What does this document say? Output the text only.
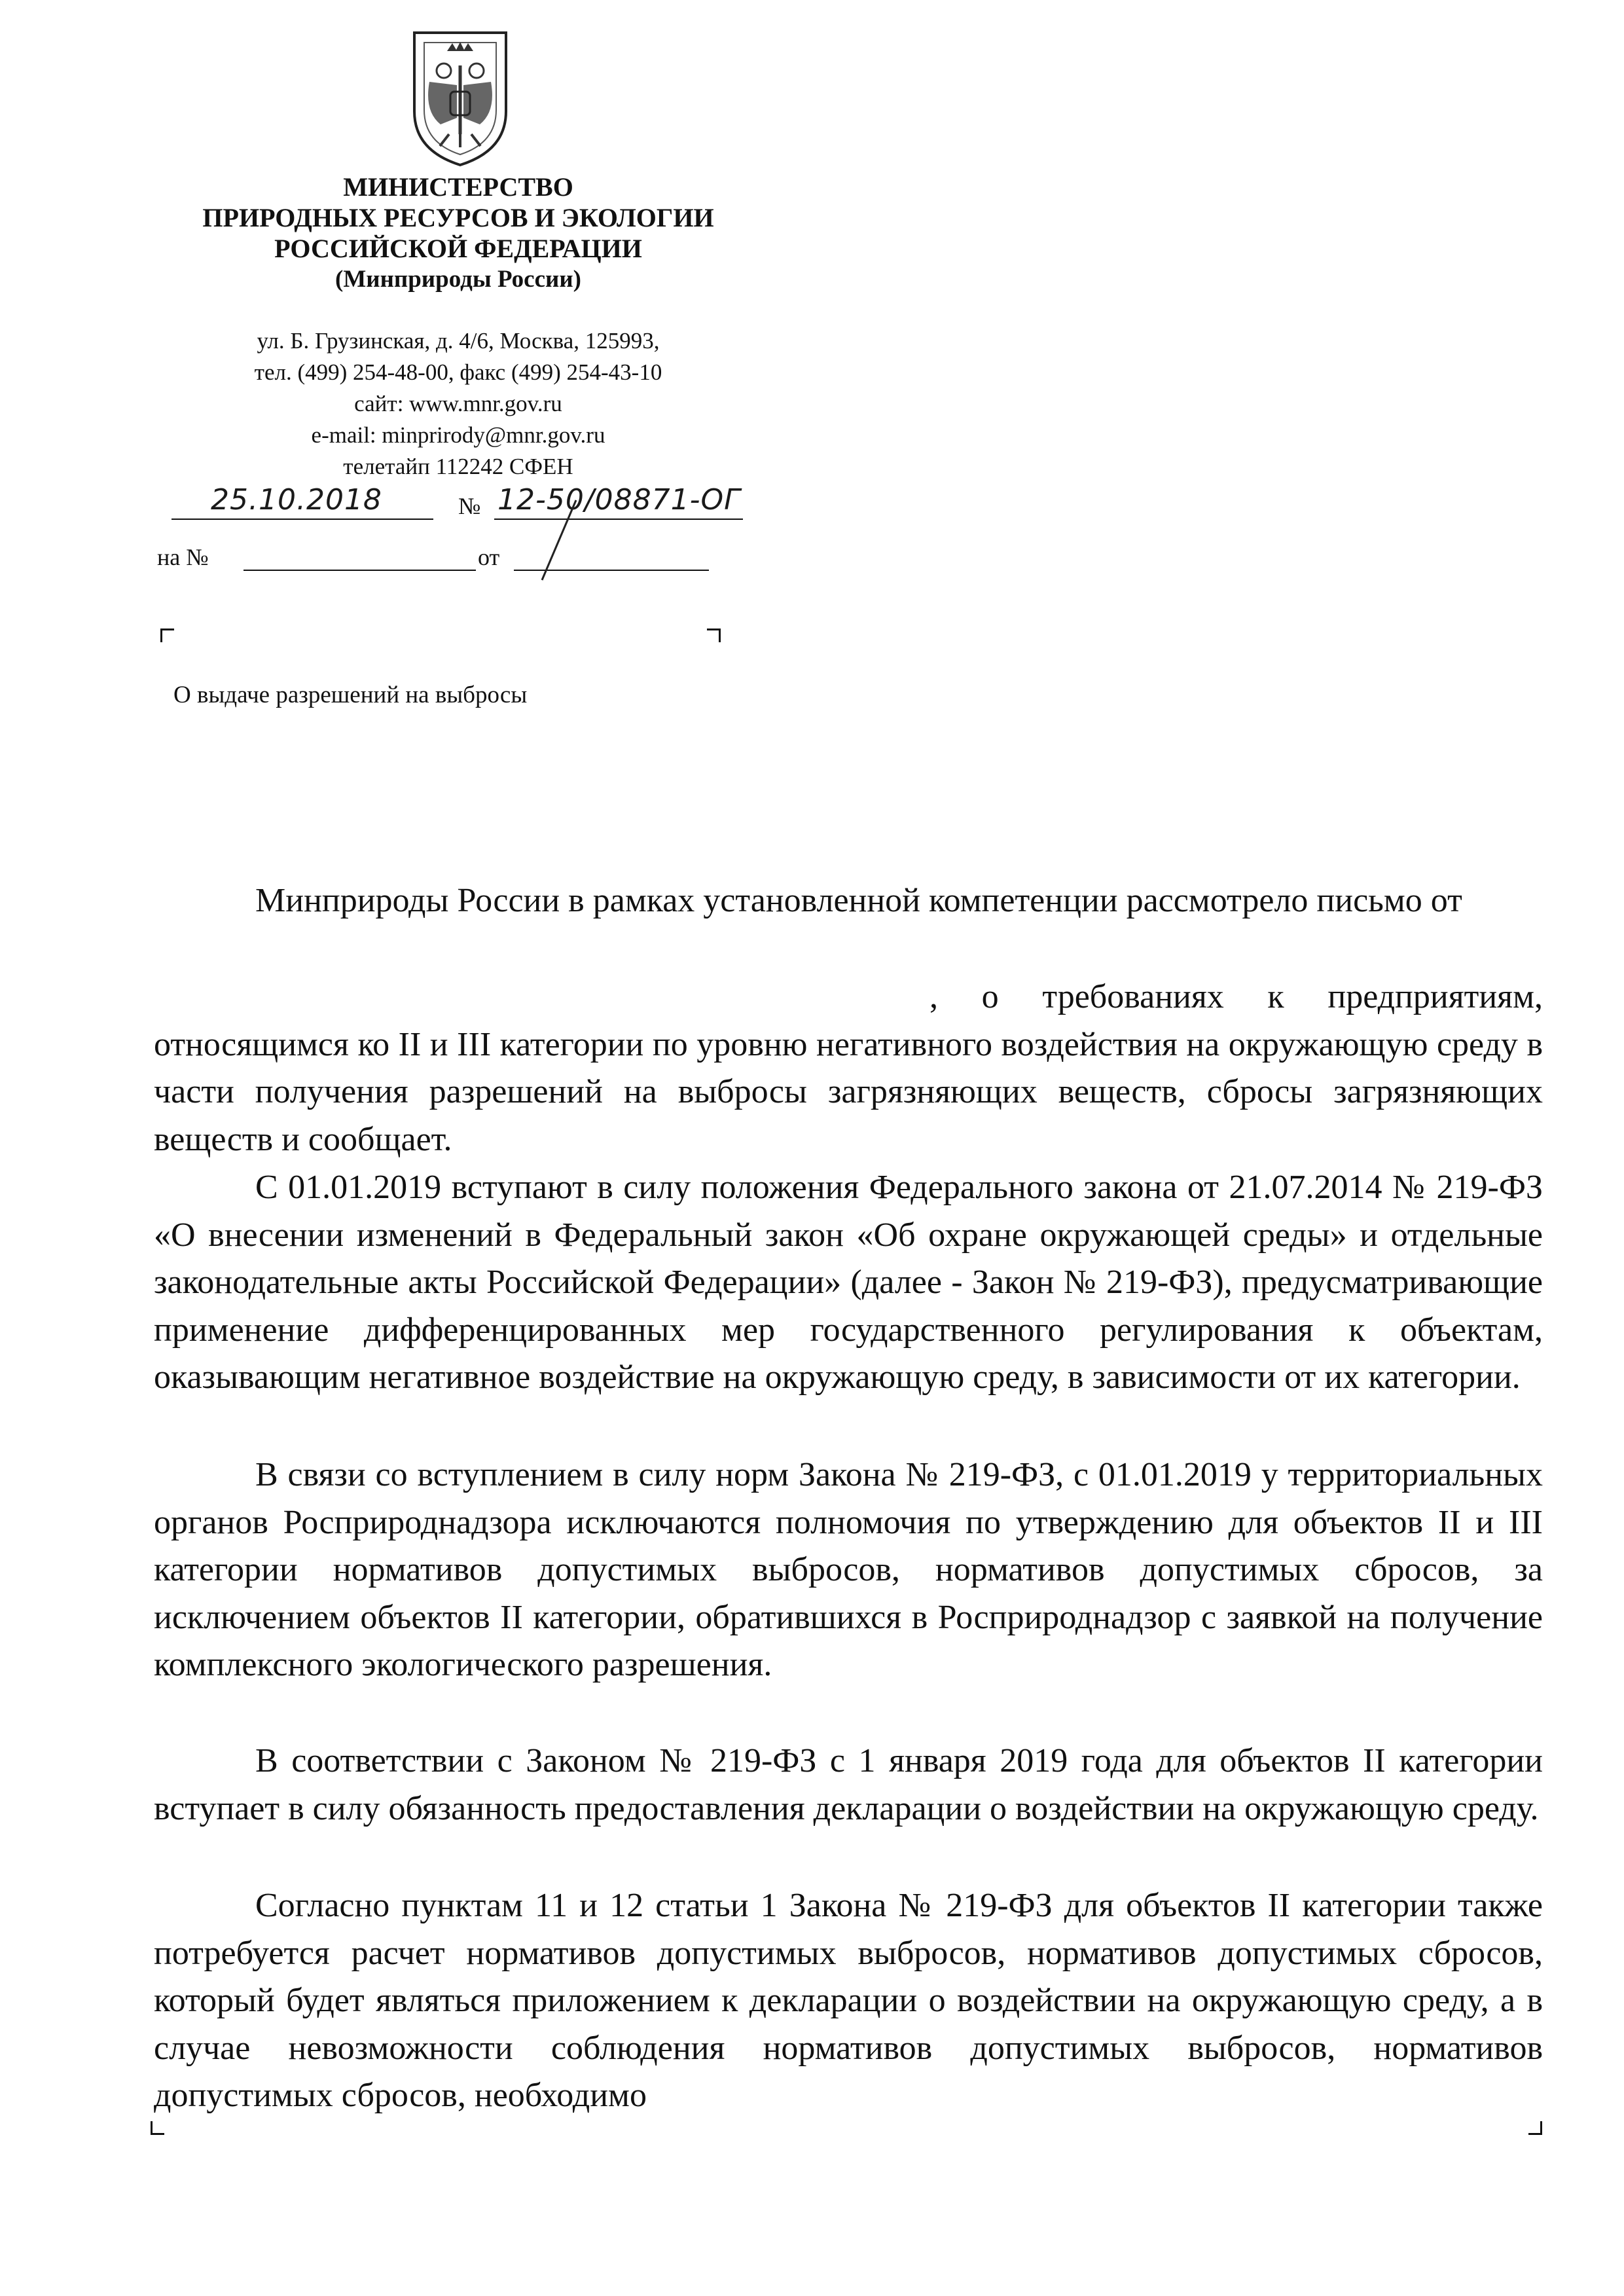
МИНИСТЕРСТВО
ПРИРОДНЫХ РЕСУРСОВ И ЭКОЛОГИИ
РОССИЙСКОЙ ФЕДЕРАЦИИ
(Минприроды России)
ул. Б. Грузинская, д. 4/6, Москва, 125993,
тел. (499) 254-48-00, факс (499) 254-43-10
сайт: www.mnr.gov.ru
e-mail: minprirody@mnr.gov.ru
телетайп 112242 СФЕН
25.10.2018	№ 12-50/08871-ОГ
на №	от
О выдаче разрешений на выбросы
Минприроды России в рамках установленной компетенции рассмотрело письмо от
, о требованиях к предприятиям, относящимся ко II и III категории по уровню негативного воздействия на окружающую среду в части получения разрешений на выбросы загрязняющих веществ, сбросы загрязняющих веществ и сообщает.
С 01.01.2019 вступают в силу положения Федерального закона от 21.07.2014 № 219-ФЗ «О внесении изменений в Федеральный закон «Об охране окружающей среды» и отдельные законодательные акты Российской Федерации» (далее - Закон № 219-ФЗ), предусматривающие применение дифференцированных мер государственного регулирования к объектам, оказывающим негативное воздействие на окружающую среду, в зависимости от их категории.
В связи со вступлением в силу норм Закона № 219-ФЗ, с 01.01.2019 у территориальных органов Росприроднадзора исключаются полномочия по утверждению для объектов II и III категории нормативов допустимых выбросов, нормативов допустимых сбросов, за исключением объектов II категории, обратившихся в Росприроднадзор с заявкой на получение комплексного экологического разрешения.
В соответствии с Законом № 219-ФЗ с 1 января 2019 года для объектов II категории вступает в силу обязанность предоставления декларации о воздействии на окружающую среду.
Согласно пунктам 11 и 12 статьи 1 Закона № 219-ФЗ для объектов II категории также потребуется расчет нормативов допустимых выбросов, нормативов допустимых сбросов, который будет являться приложением к декларации о воздействии на окружающую среду, а в случае невозможности соблюдения нормативов допустимых выбросов, нормативов допустимых сбросов, необходимо
